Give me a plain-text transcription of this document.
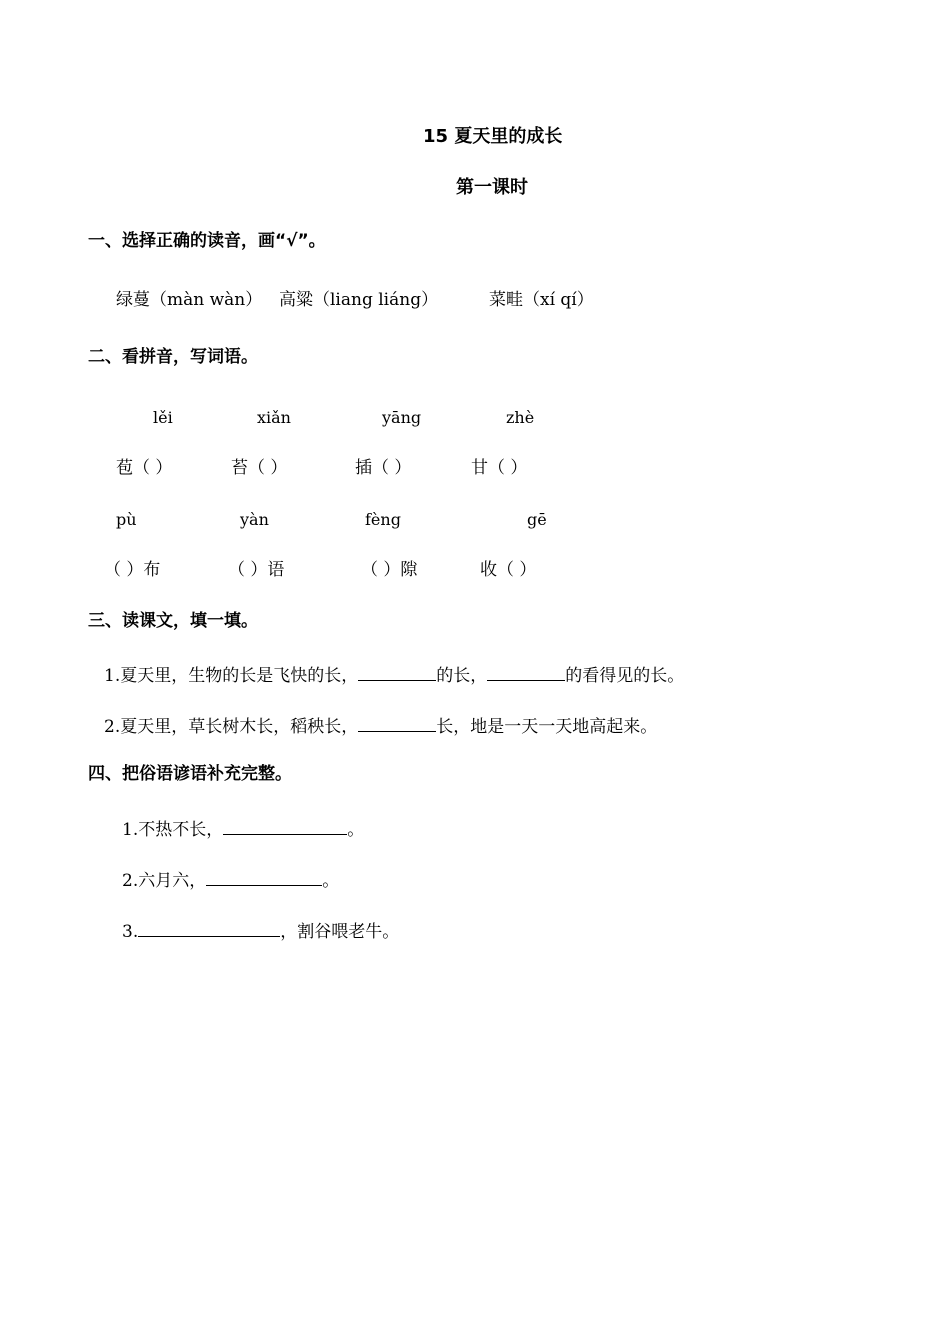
15 夏天里的成长
第一课时
一、选择正确的读音，画“√”。
绿蔓（màn wàn） 高粱（liang liáng）	菜畦（xí qí）
二、看拼音，写词语。
lěi	xiǎn	yāng	zhè
苞（ ）	苔（ ）	插（ ）	甘（ ）
pù	yàn	fèng	gē
（ ）布	（ ）语	（ ）隙	收（ ）
三、读课文，填一填。
1.夏天里，生物的长是飞快的长，	的长，	的看得见的长。
2.夏天里，草长树木长，稻秧长，	长，地是一天一天地高起来。
四、把俗语谚语补充完整。
1.不热不长，	。
2.六月六，	。
3.	，割谷喂老牛。
